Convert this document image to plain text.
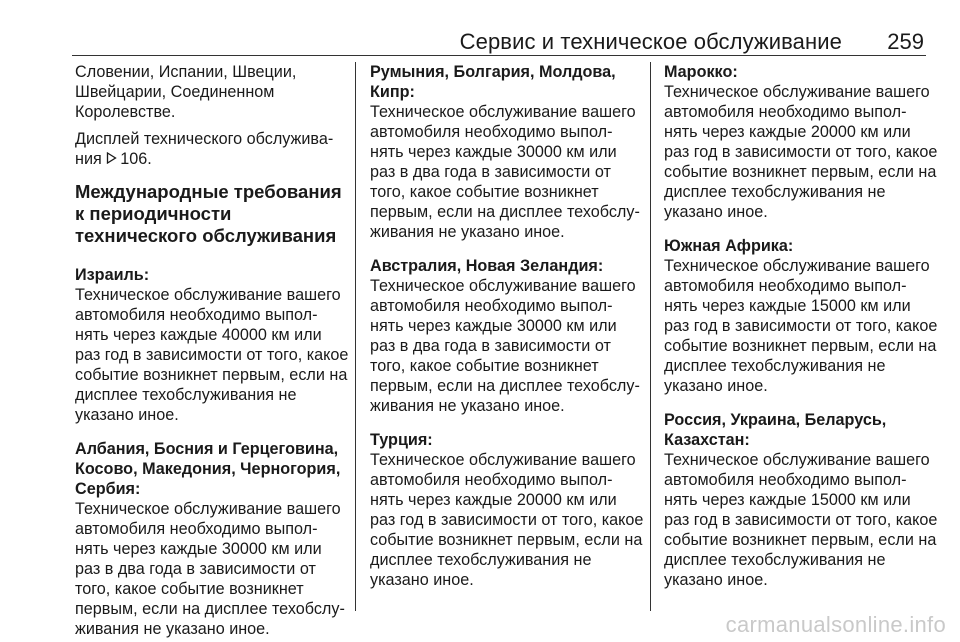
Сервис и техническое обслуживание 259

Словении, Испании, Швеции, Швейцарии, Соединенном Королевстве.

Дисплей технического обслужива‐ния 106.

Международные требования к периодичности технического обслуживания

Израиль:

Техническое обслуживание вашего автомобиля необходимо выпол‐нять через каждые 40000 км или раз год в зависимости от того, какое событие возникнет первым, если на дисплее техобслуживания не указано иное.

Албания, Босния и Герцеговина, Косово, Македония, Черногория, Сербия:

Техническое обслуживание вашего автомобиля необходимо выпол‐нять через каждые 30000 км или раз в два года в зависимости от того, какое событие возникнет первым, если на дисплее техобслу‐живания не указано иное.

Румыния, Болгария, Молдова, Кипр:

Техническое обслуживание вашего автомобиля необходимо выпол‐нять через каждые 30000 км или раз в два года в зависимости от того, какое событие возникнет первым, если на дисплее техобслу‐живания не указано иное.

Австралия, Новая Зеландия:

Техническое обслуживание вашего автомобиля необходимо выпол‐нять через каждые 30000 км или раз в два года в зависимости от того, какое событие возникнет первым, если на дисплее техобслу‐живания не указано иное.

Турция:

Техническое обслуживание вашего автомобиля необходимо выпол‐нять через каждые 20000 км или раз год в зависимости от того, какое событие возникнет первым, если на дисплее техобслуживания не указано иное.

Марокко:

Техническое обслуживание вашего автомобиля необходимо выпол‐нять через каждые 20000 км или раз год в зависимости от того, какое событие возникнет первым, если на дисплее техобслуживания не указано иное.

Южная Африка:

Техническое обслуживание вашего автомобиля необходимо выпол‐нять через каждые 15000 км или раз год в зависимости от того, какое событие возникнет первым, если на дисплее техобслуживания не указано иное.

Россия, Украина, Беларусь, Казахстан:

Техническое обслуживание вашего автомобиля необходимо выпол‐нять через каждые 15000 км или раз год в зависимости от того, какое событие возникнет первым, если на дисплее техобслуживания не указано иное.

carmanualsonline.info
